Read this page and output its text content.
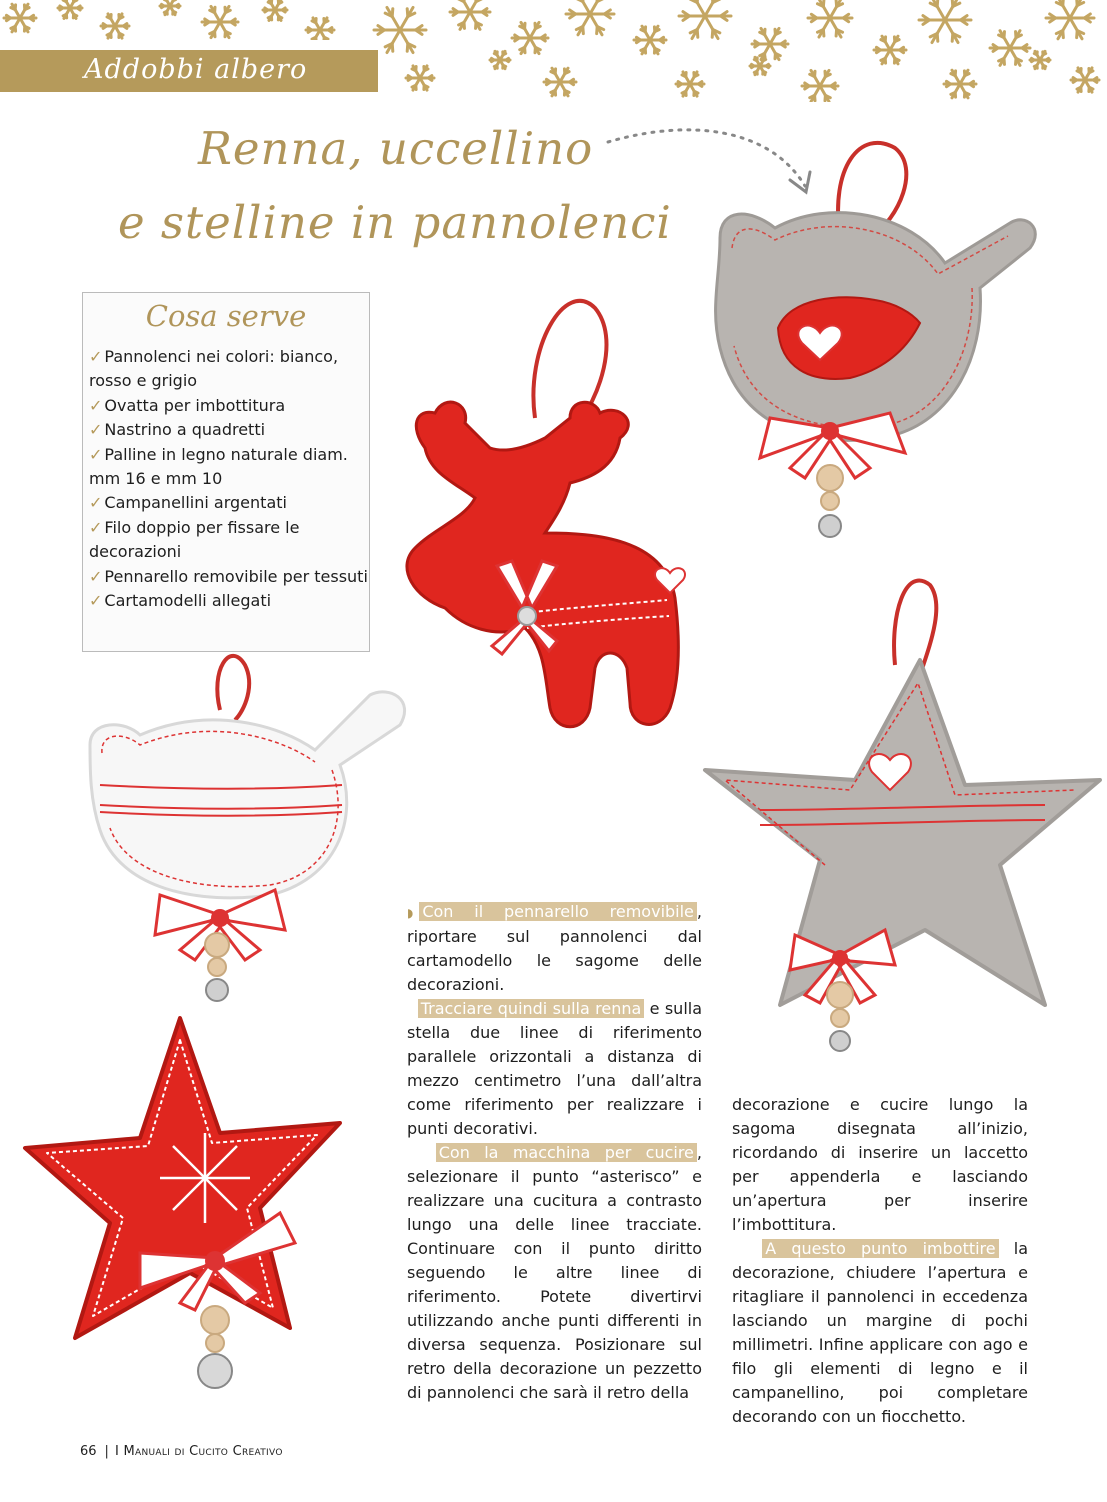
Addobbi albero
Renna, uccellino
e stelline in pannolenci
Cosa serve
✓ Pannolenci nei colori: bianco, rosso e grigio
✓ Ovatta per imbottitura
✓ Nastrino a quadretti
✓ Palline in legno naturale diam. mm 16 e mm 10
✓ Campanellini argentati
✓ Filo doppio per fissare le decorazioni
✓ Pennarello removibile per tessuti
✓ Cartamodelli allegati

◗ Con il pennarello removibile , riportare sul pannolenci dal cartamodello le sagome delle decorazioni.

Tracciare quindi sulla renna e sulla stella due linee di riferimento parallele orizzontali a distanza di mezzo centimetro l’una dall’altra come riferimento per realizzare i punti decorativi.

Con la macchina per cucire , selezionare il punto “asterisco” e realizzare una cucitura a contrasto lungo una delle linee tracciate. Continuare con il punto diritto seguendo le altre linee di riferimento. Potete divertirvi utilizzando anche punti differenti in diversa sequenza. Posizionare sul retro della decorazione un pezzetto di pannolenci che sarà il retro della

decorazione e cucire lungo la sagoma disegnata all’inizio, ricordando di inserire un laccetto per appenderla e lasciando un’apertura per inserire l’imbottitura.

A questo punto imbottire la decorazione, chiudere l’apertura e ritagliare il pannolenci in eccedenza lasciando un margine di pochi millimetri. Infine applicare con ago e filo gli elementi di legno e il campanellino, poi completare decorando con un fiocchetto.

66 | I Manuali di Cucito Creativo
